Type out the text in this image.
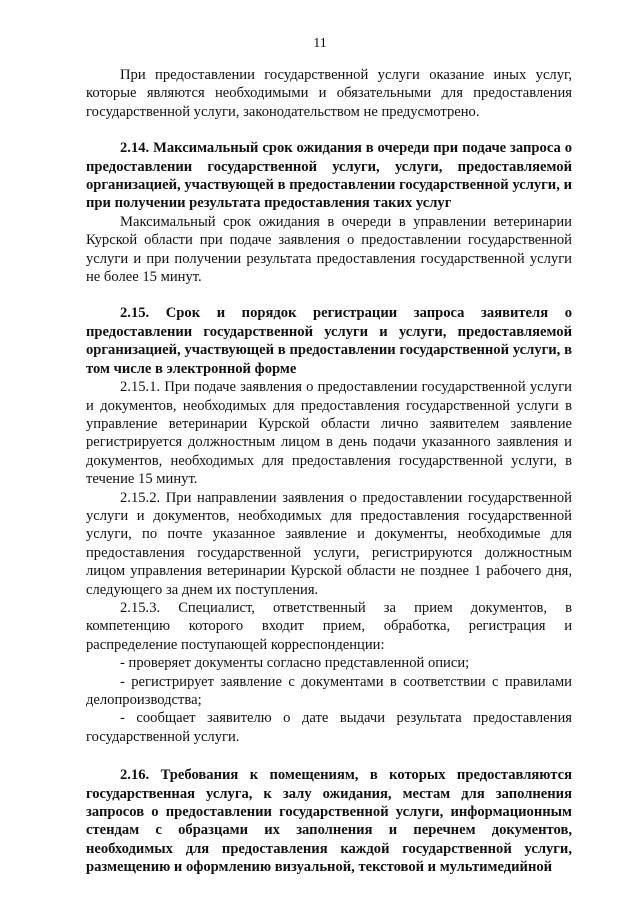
11

При предоставлении государственной услуги оказание иных услуг, которые являются необходимыми и обязательными для предоставления государственной услуги, законодательством не предусмотрено.

2.14. Максимальный срок ожидания в очереди при подаче запроса о предоставлении государственной услуги, услуги, предоставляемой организацией, участвующей в предоставлении государственной услуги, и при получении результата предоставления таких услуг

Максимальный срок ожидания в очереди в управлении ветеринарии Курской области при подаче заявления о предоставлении государственной услуги и при получении результата предоставления государственной услуги не более 15 минут.

2.15. Срок и порядок регистрации запроса заявителя о предоставлении государственной услуги и услуги, предоставляемой организацией, участвующей в предоставлении государственной услуги, в том числе в электронной форме

2.15.1. При подаче заявления о предоставлении государственной услуги и документов, необходимых для предоставления государственной услуги в управление ветеринарии Курской области лично заявителем заявление регистрируется должностным лицом в день подачи указанного заявления и документов, необходимых для предоставления государственной услуги, в течение 15 минут.

2.15.2. При направлении заявления о предоставлении государственной услуги и документов, необходимых для предоставления государственной услуги, по почте указанное заявление и документы, необходимые для предоставления государственной услуги, регистрируются должностным лицом управления ветеринарии Курской области не позднее 1 рабочего дня, следующего за днем их поступления.

2.15.3. Специалист, ответственный за прием документов, в компетенцию которого входит прием, обработка, регистрация и распределение поступающей корреспонденции:

- проверяет документы согласно представленной описи;

- регистрирует заявление с документами в соответствии с правилами делопроизводства;

- сообщает заявителю о дате выдачи результата предоставления государственной услуги.

2.16. Требования к помещениям, в которых предоставляются государственная услуга, к залу ожидания, местам для заполнения запросов о предоставлении государственной услуги, информационным стендам с образцами их заполнения и перечнем документов, необходимых для предоставления каждой государственной услуги, размещению и оформлению визуальной, текстовой и мультимедийной
